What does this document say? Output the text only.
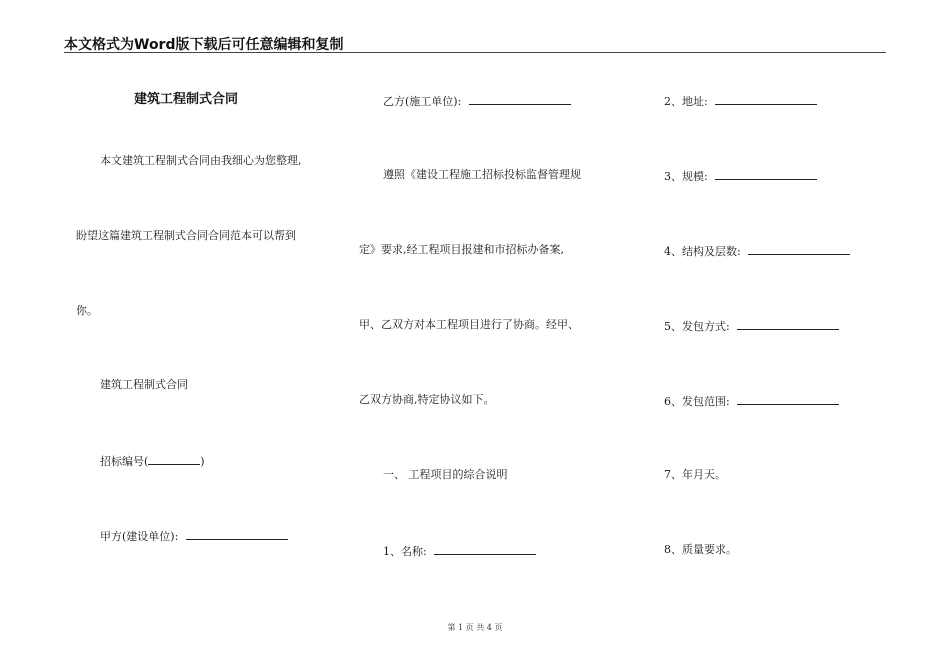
本文格式为Word版下载后可任意编辑和复制
建筑工程制式合同
本文建筑工程制式合同由我细心为您整理,
盼望这篇建筑工程制式合同合同范本可以帮到
你。
建筑工程制式合同
招标编号(	)
甲方(建设单位):
乙方(施工单位):
遵照《建设工程施工招标投标监督管理规
定》要求,经工程项目报建和市招标办备案,
甲、乙双方对本工程项目进行了协商。经甲、
乙双方协商,特定协议如下。
一、 工程项目的综合说明
1、名称:
2、地址:
3、规模:
4、结构及层数:
5、发包方式:
6、发包范围:
7、年月天。
8、质量要求。
第 1 页 共 4 页
